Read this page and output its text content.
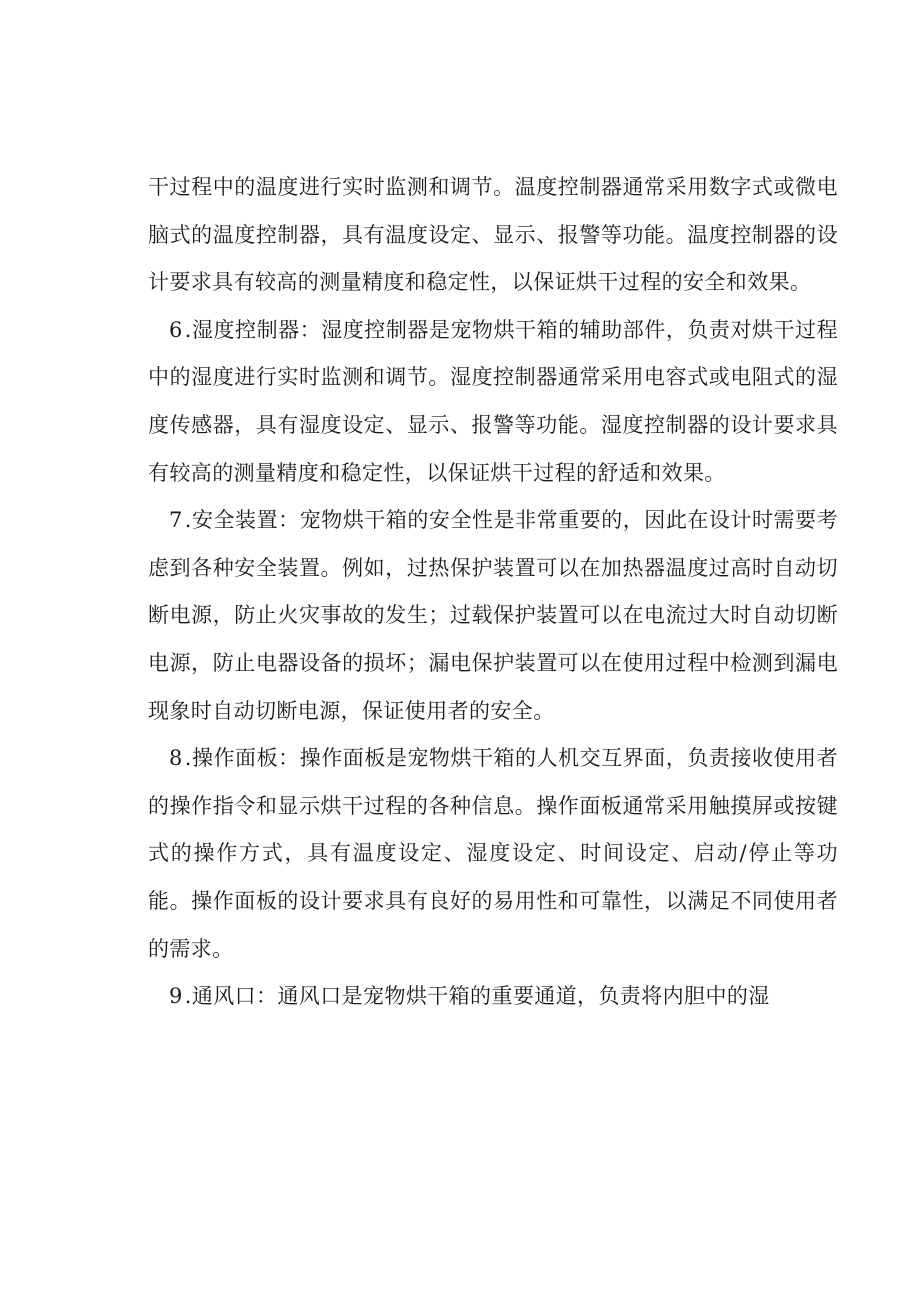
干过程中的温度进行实时监测和调节。温度控制器通常采用数字式或微电脑式的温度控制器，具有温度设定、显示、报警等功能。温度控制器的设计要求具有较高的测量精度和稳定性，以保证烘干过程的安全和效果。

6.湿度控制器：湿度控制器是宠物烘干箱的辅助部件，负责对烘干过程中的湿度进行实时监测和调节。湿度控制器通常采用电容式或电阻式的湿度传感器，具有湿度设定、显示、报警等功能。湿度控制器的设计要求具有较高的测量精度和稳定性，以保证烘干过程的舒适和效果。

7.安全装置：宠物烘干箱的安全性是非常重要的，因此在设计时需要考虑到各种安全装置。例如，过热保护装置可以在加热器温度过高时自动切断电源，防止火灾事故的发生；过载保护装置可以在电流过大时自动切断电源，防止电器设备的损坏；漏电保护装置可以在使用过程中检测到漏电现象时自动切断电源，保证使用者的安全。

8.操作面板：操作面板是宠物烘干箱的人机交互界面，负责接收使用者的操作指令和显示烘干过程的各种信息。操作面板通常采用触摸屏或按键式的操作方式，具有温度设定、湿度设定、时间设定、启动/停止等功能。操作面板的设计要求具有良好的易用性和可靠性，以满足不同使用者的需求。

9.通风口：通风口是宠物烘干箱的重要通道，负责将内胆中的湿
